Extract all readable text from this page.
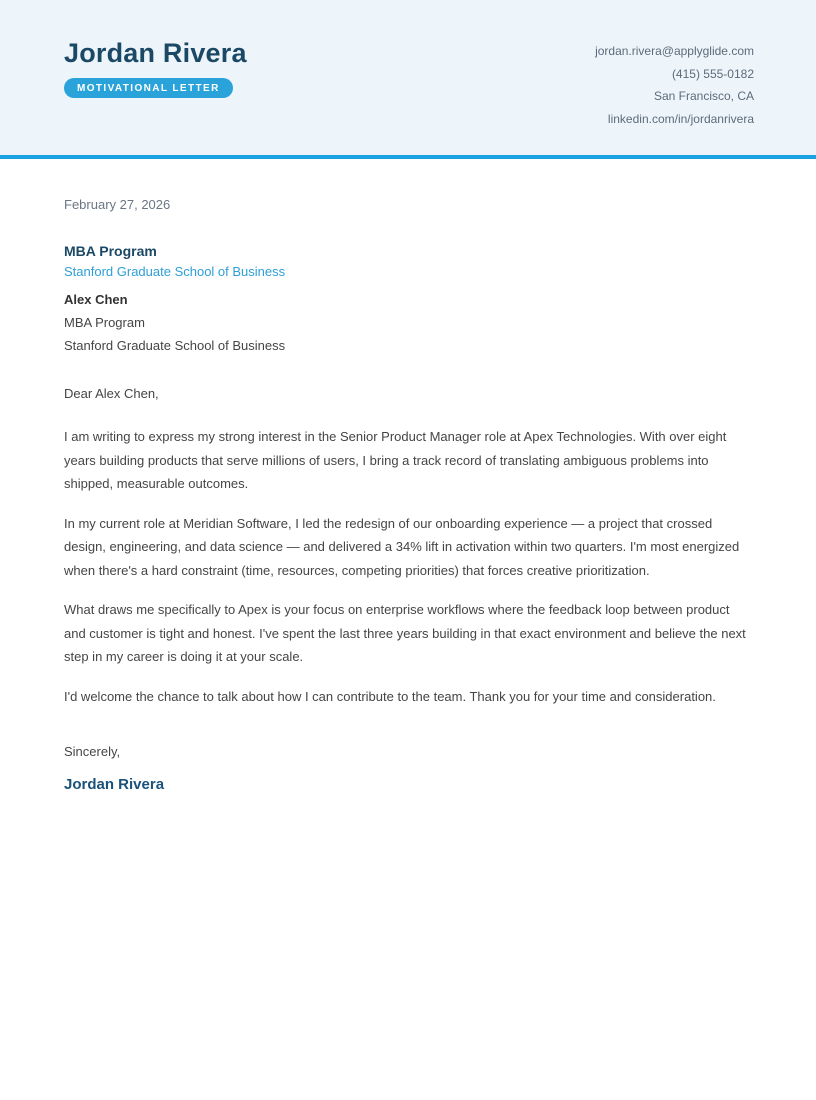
Jordan Rivera
MOTIVATIONAL LETTER
jordan.rivera@applyglide.com
(415) 555-0182
San Francisco, CA
linkedin.com/in/jordanrivera

February 27, 2026

MBA Program
Stanford Graduate School of Business
Alex Chen
MBA Program
Stanford Graduate School of Business

Dear Alex Chen,

I am writing to express my strong interest in the Senior Product Manager role at Apex Technologies. With over eight years building products that serve millions of users, I bring a track record of translating ambiguous problems into shipped, measurable outcomes.

In my current role at Meridian Software, I led the redesign of our onboarding experience — a project that crossed design, engineering, and data science — and delivered a 34% lift in activation within two quarters. I'm most energized when there's a hard constraint (time, resources, competing priorities) that forces creative prioritization.

What draws me specifically to Apex is your focus on enterprise workflows where the feedback loop between product and customer is tight and honest. I've spent the last three years building in that exact environment and believe the next step in my career is doing it at your scale.

I'd welcome the chance to talk about how I can contribute to the team. Thank you for your time and consideration.

Sincerely,

Jordan Rivera
